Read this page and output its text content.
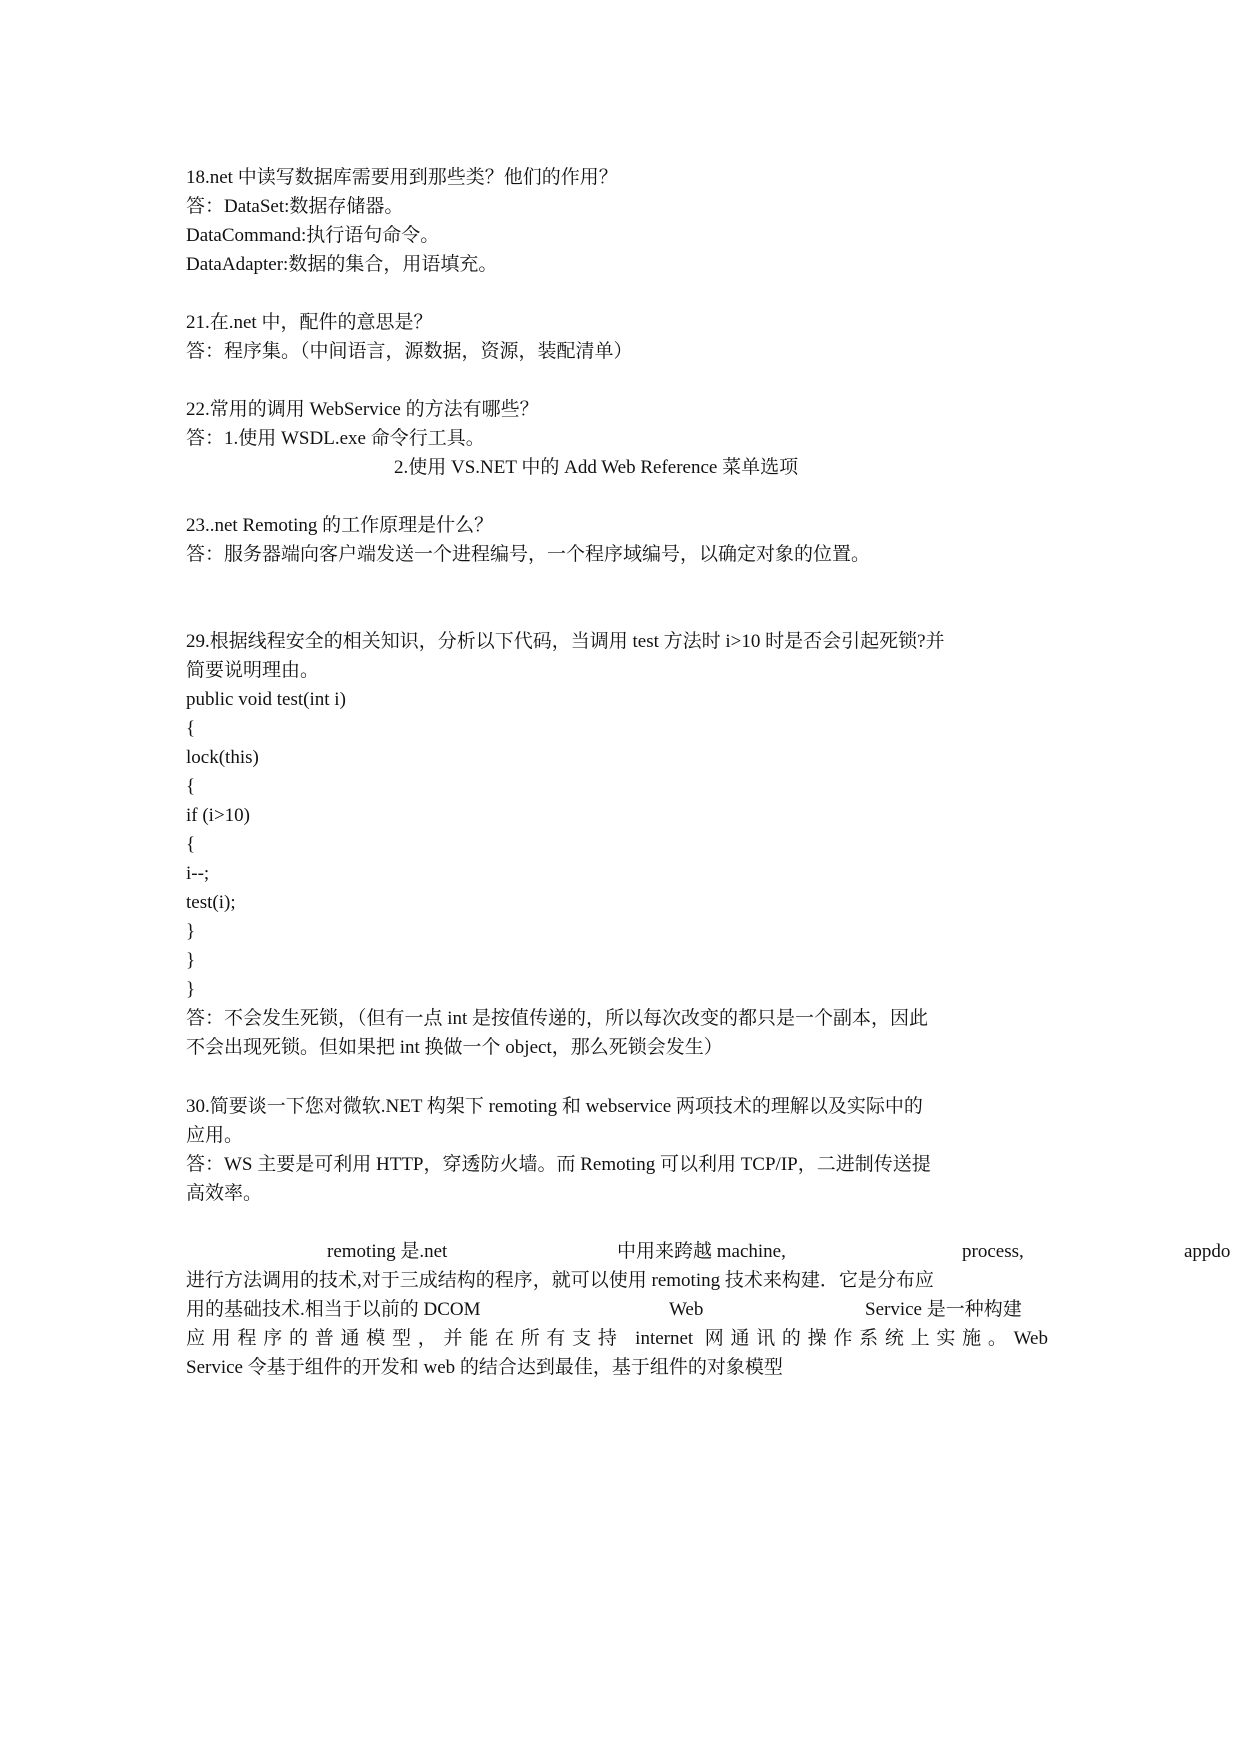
18.net 中读写数据库需要用到那些类？他们的作用？
答：DataSet:数据存储器。
DataCommand:执行语句命令。
DataAdapter:数据的集合，用语填充。
21.在.net 中，配件的意思是？
答：程序集。（中间语言，源数据，资源，装配清单）
22.常用的调用 WebService 的方法有哪些？
答：1.使用 WSDL.exe 命令行工具。
2.使用 VS.NET 中的 Add Web Reference 菜单选项
23..net Remoting 的工作原理是什么？
答：服务器端向客户端发送一个进程编号，一个程序域编号，以确定对象的位置。
29.根据线程安全的相关知识，分析以下代码，当调用 test 方法时 i>10 时是否会引起死锁?并
简要说明理由。
public void test(int i)
{
lock(this)
{
if (i>10)
{
i--;
test(i);
}
}
}
答：不会发生死锁，（但有一点 int 是按值传递的，所以每次改变的都只是一个副本，因此
不会出现死锁。但如果把 int 换做一个 object，那么死锁会发生）
30.简要谈一下您对微软.NET 构架下 remoting 和 webservice 两项技术的理解以及实际中的
应用。
答：WS 主要是可利用 HTTP，穿透防火墙。而 Remoting 可以利用 TCP/IP，二进制传送提
高效率。
remoting 是.net	中用来跨越 machine,	process,	appdo
进行方法调用的技术,对于三成结构的程序，就可以使用 remoting 技术来构建．它是分布应
用的基础技术.相当于以前的 DCOM	Web	Service 是一种构建
应用程序的普通模型，并能在所有支持 internet 网通讯的操作系统上实施。Web
Service 令基于组件的开发和 web 的结合达到最佳，基于组件的对象模型
